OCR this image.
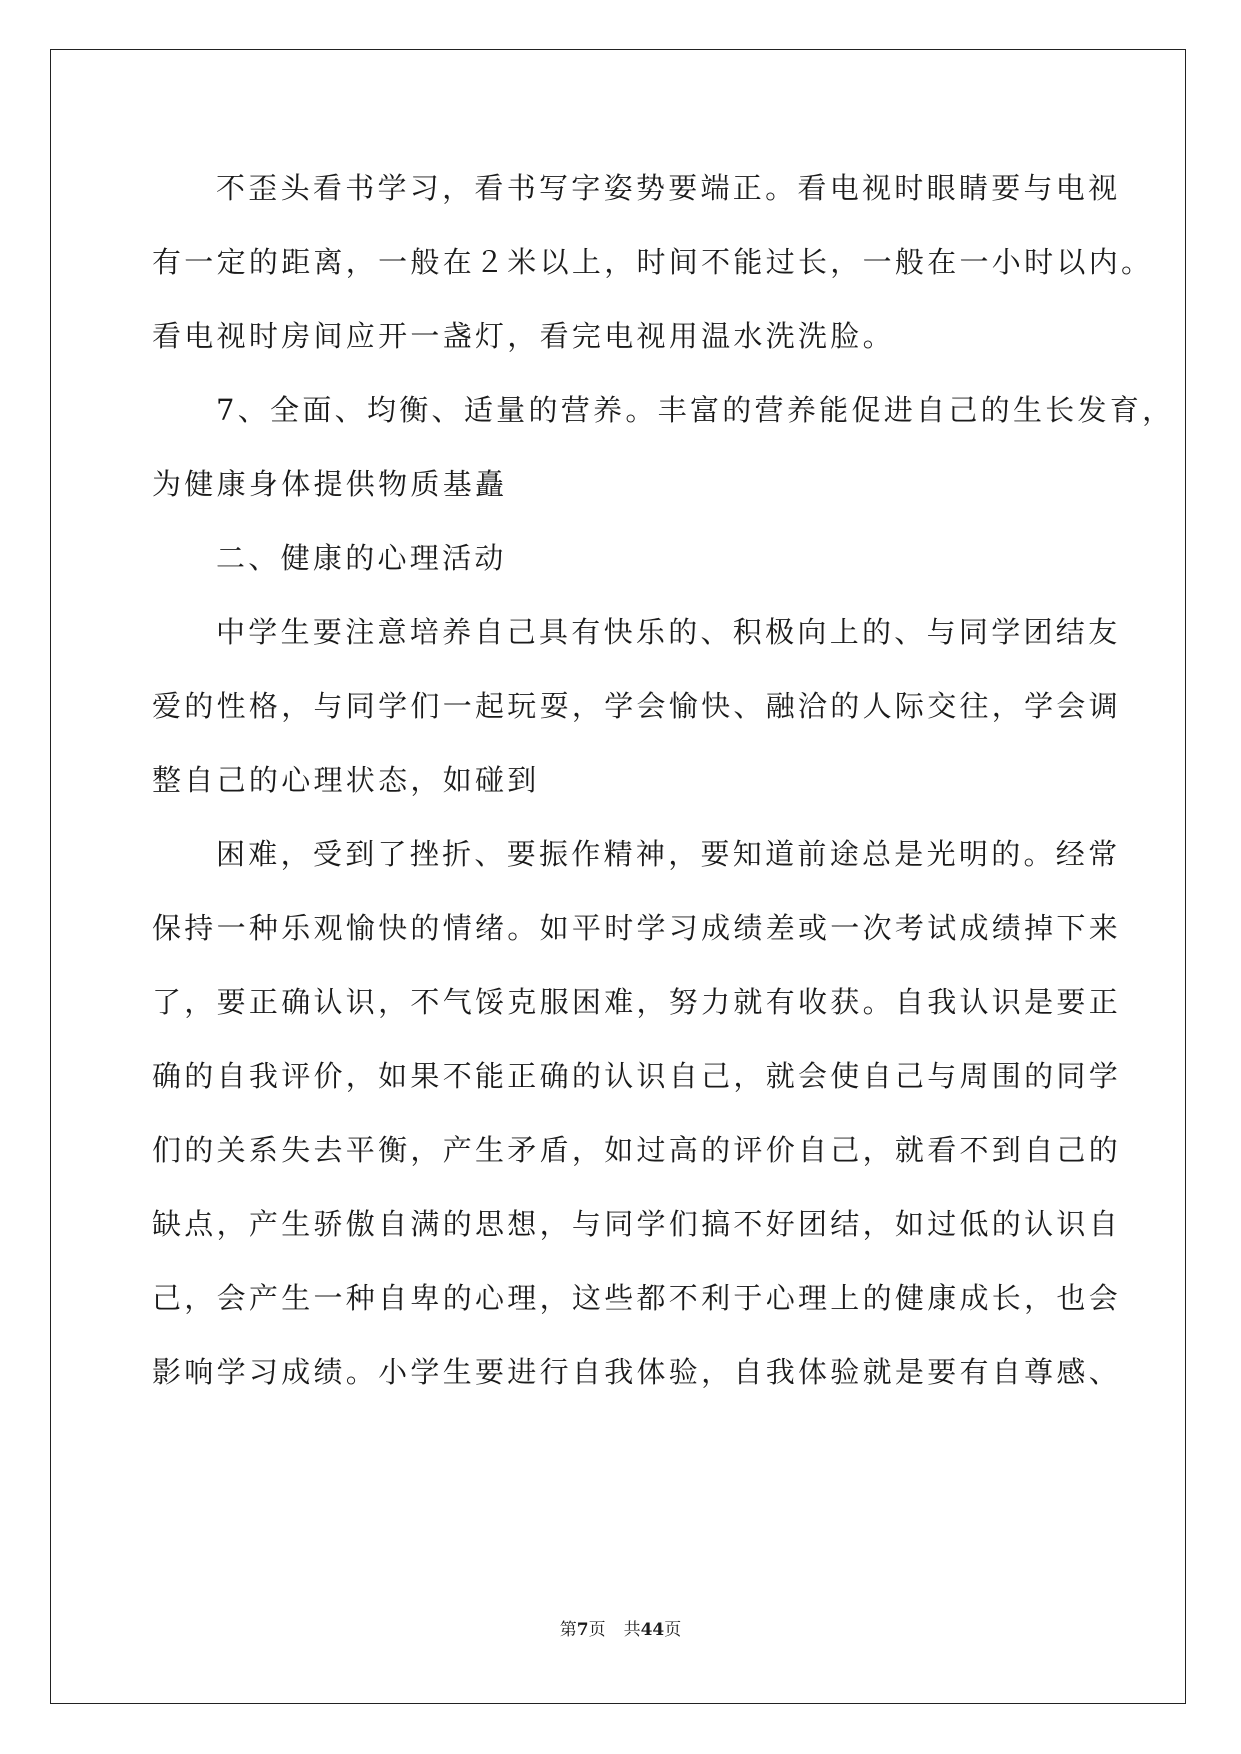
不歪头看书学习，看书写字姿势要端正。看电视时眼睛要与电视
有一定的距离，一般在２米以上，时间不能过长，一般在一小时以内。
看电视时房间应开一盏灯，看完电视用温水洗洗脸。
7、全面、均衡、适量的营养。丰富的营养能促进自己的生长发育，
为健康身体提供物质基矗
二、健康的心理活动
中学生要注意培养自己具有快乐的、积极向上的、与同学团结友
爱的性格，与同学们一起玩耍，学会愉快、融洽的人际交往，学会调
整自己的心理状态，如碰到
困难，受到了挫折、要振作精神，要知道前途总是光明的。经常
保持一种乐观愉快的情绪。如平时学习成绩差或一次考试成绩掉下来
了，要正确认识，不气馁克服困难，努力就有收获。自我认识是要正
确的自我评价，如果不能正确的认识自己，就会使自己与周围的同学
们的关系失去平衡，产生矛盾，如过高的评价自己，就看不到自己的
缺点，产生骄傲自满的思想，与同学们搞不好团结，如过低的认识自
己，会产生一种自卑的心理，这些都不利于心理上的健康成长，也会
影响学习成绩。小学生要进行自我体验，自我体验就是要有自尊感、
第7页 共44页
